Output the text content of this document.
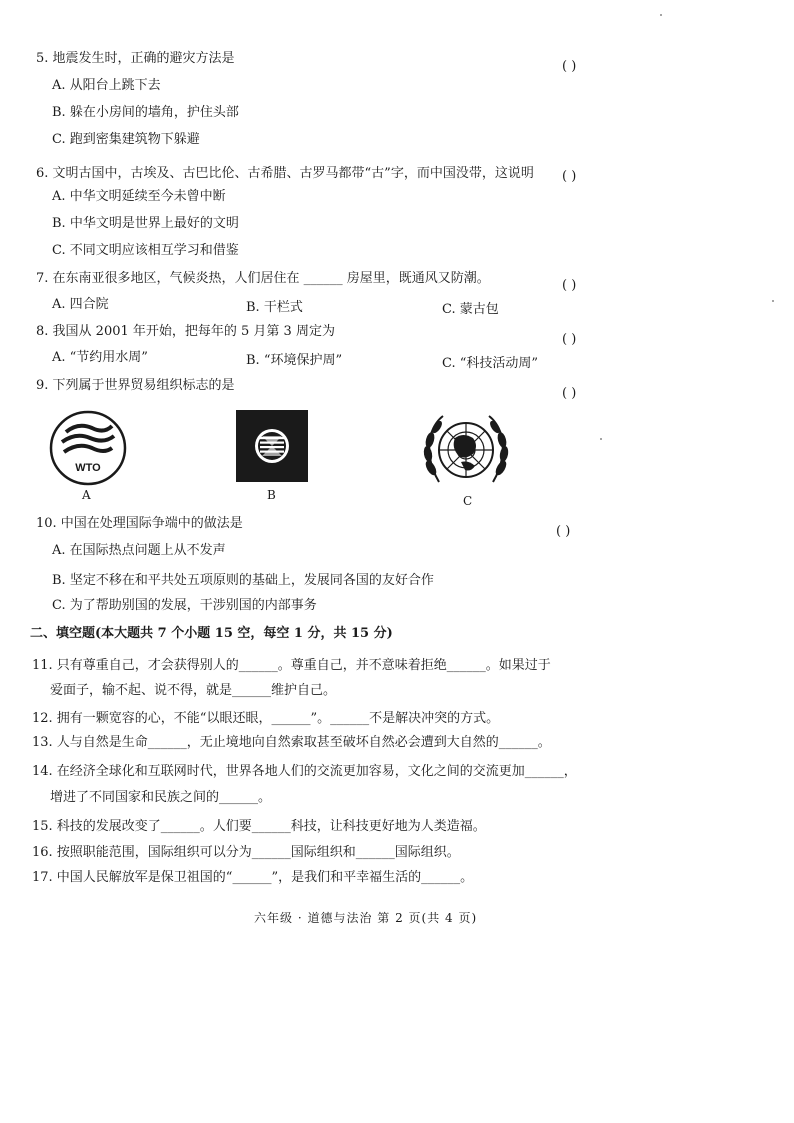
5. 地震发生时，正确的避灾方法是
( )
A. 从阳台上跳下去
B. 躲在小房间的墙角，护住头部
C. 跑到密集建筑物下躲避
6. 文明古国中，古埃及、古巴比伦、古希腊、古罗马都带“古”字，而中国没带，这说明 ( )
A. 中华文明延续至今未曾中断
B. 中华文明是世界上最好的文明
C. 不同文明应该相互学习和借鉴
7. 在东南亚很多地区，气候炎热，人们居住在 ______ 房屋里，既通风又防潮。	( )
A. 四合院	B. 干栏式	C. 蒙古包
8. 我国从 2001 年开始，把每年的 5 月第 3 周定为
( )
A. “节约用水周”	B. “环境保护周”	C. “科技活动周”
9. 下列属于世界贸易组织标志的是
( )
WTO
A	B	C
10. 中国在处理国际争端中的做法是
( )
A. 在国际热点问题上从不发声
B. 坚定不移在和平共处五项原则的基础上，发展同各国的友好合作
C. 为了帮助别国的发展，干涉别国的内部事务
二、填空题(本大题共 7 个小题 15 空，每空 1 分，共 15 分)
11. 只有尊重自己，才会获得别人的______。尊重自己，并不意味着拒绝______。如果过于
爱面子，输不起、说不得，就是______维护自己。
12. 拥有一颗宽容的心，不能“以眼还眼，______”。______不是解决冲突的方式。
13. 人与自然是生命______，无止境地向自然索取甚至破坏自然必会遭到大自然的______。
14. 在经济全球化和互联网时代，世界各地人们的交流更加容易，文化之间的交流更加______，
增进了不同国家和民族之间的______。
15. 科技的发展改变了______。人们要______科技，让科技更好地为人类造福。
16. 按照职能范围，国际组织可以分为______国际组织和______国际组织。
17. 中国人民解放军是保卫祖国的“______”，是我们和平幸福生活的______。
六年级 · 道德与法治 第 2 页(共 4 页)
